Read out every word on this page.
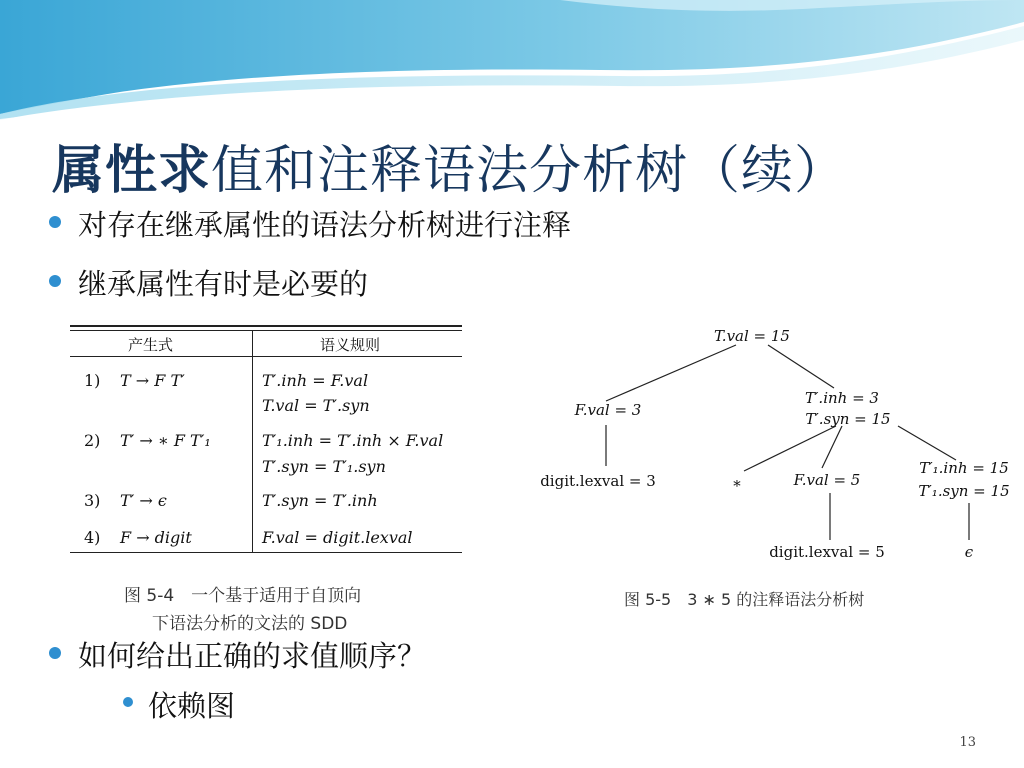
属性求值和注释语法分析树（续）
对存在继承属性的语法分析树进行注释
继承属性有时是必要的
如何给出正确的求值顺序？
依赖图
产生式	语义规则
1) T → F T′	T′.inh = F.val
T.val = T′.syn
2) T′ → ∗ F T′₁	T′₁.inh = T′.inh × F.val
T′.syn = T′₁.syn
3) T′ → ϵ	T′.syn = T′.inh
4) F → digit	F.val = digit.lexval
图 5-4　一个基于适用于自顶向
下语法分析的文法的 SDD
T.val = 15
F.val = 3
T′.inh = 3
T′.syn = 15
digit.lexval = 3	∗	F.val = 5
T′₁.inh = 15
T′₁.syn = 15
digit.lexval = 5	ϵ
图 5-5　3 ∗ 5 的注释语法分析树
13
